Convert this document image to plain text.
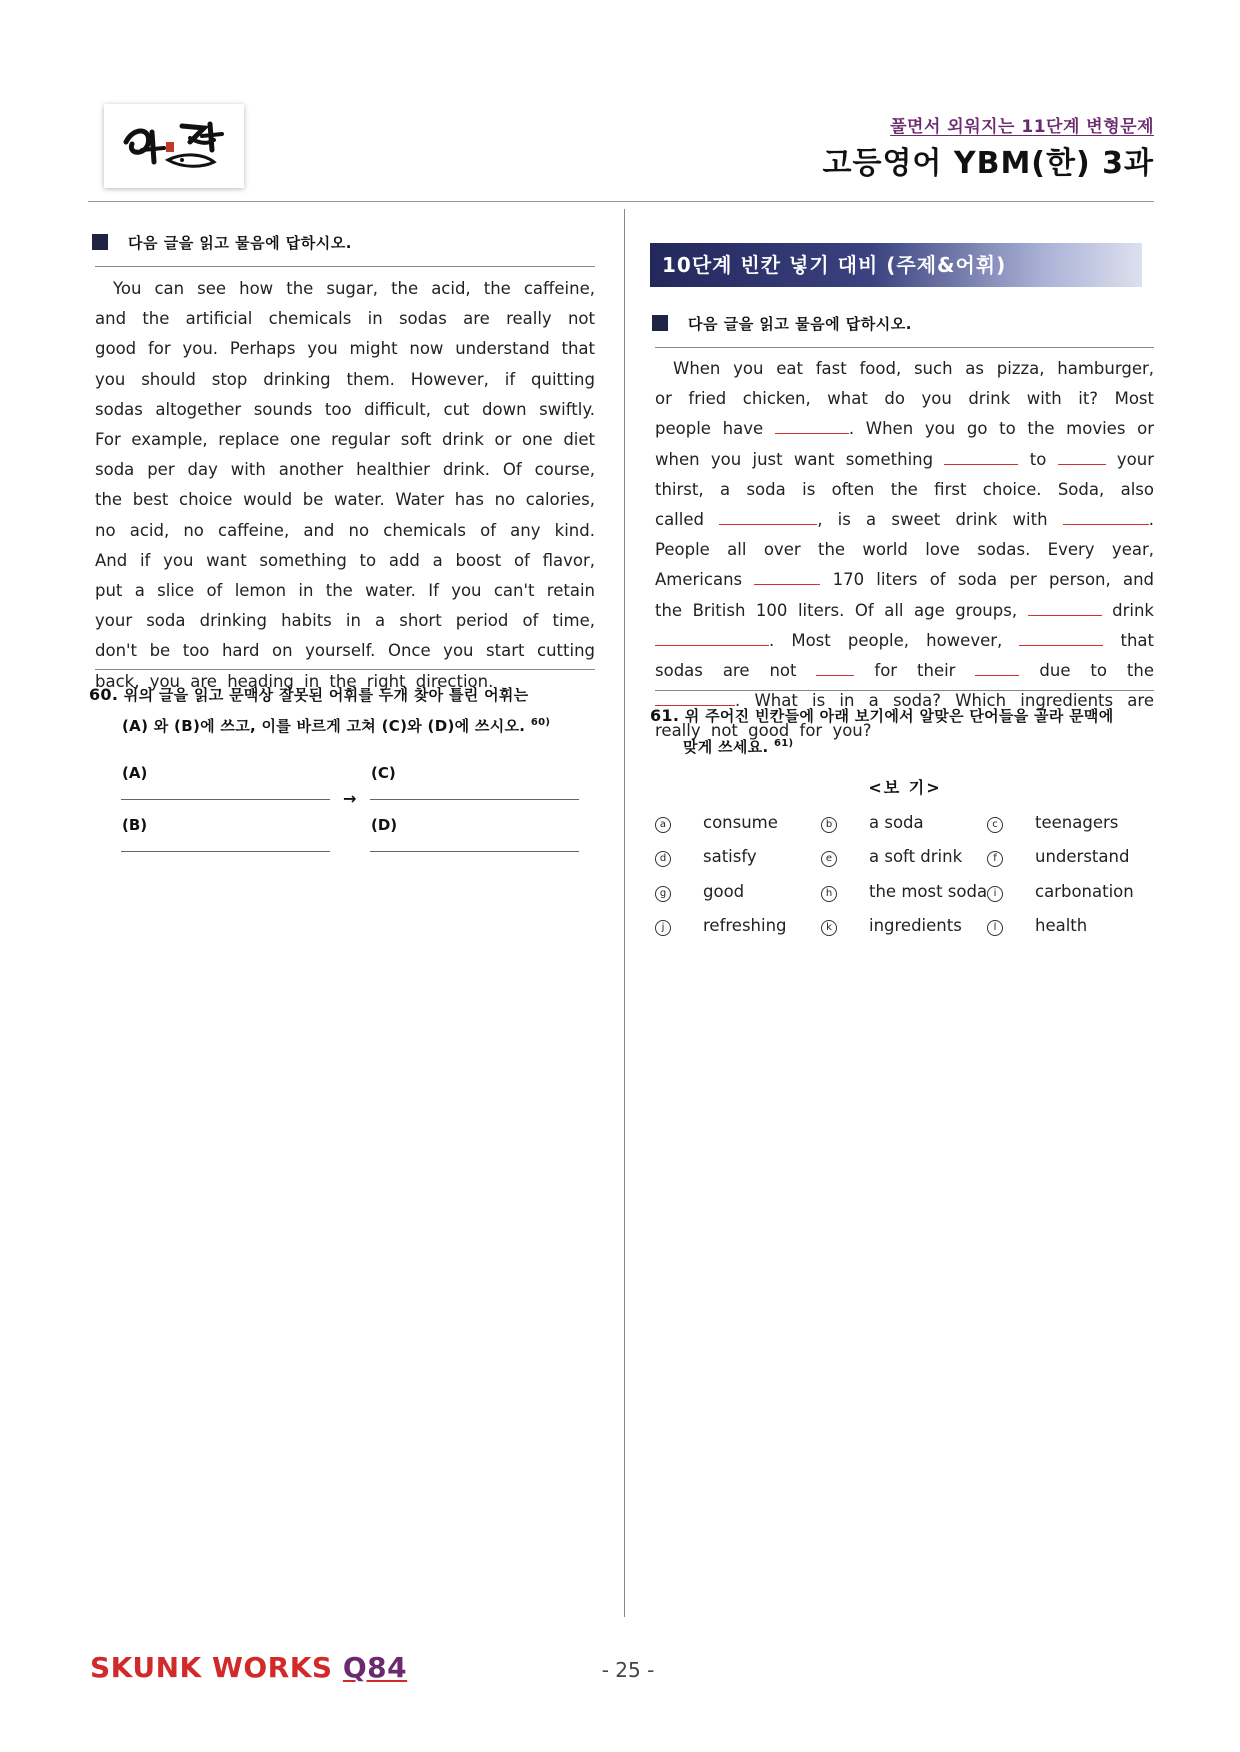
풀면서 외워지는 11단계 변형문제
고등영어 YBM(한) 3과
다음 글을 읽고 물음에 답하시오.

You can see how the sugar, the acid, the caffeine, and the artificial chemicals in sodas are really not good for you. Perhaps you might now understand that you should stop drinking them. However, if quitting sodas altogether sounds too difficult, cut down swiftly. For example, replace one regular soft drink or one diet soda per day with another healthier drink. Of course, the best choice would be water. Water has no calories, no acid, no caffeine, and no chemicals of any kind. And if you want something to add a boost of flavor, put a slice of lemon in the water. If you can't retain your soda drinking habits in a short period of time, don't be too hard on yourself. Once you start cutting back, you are heading in the right direction.

60. 위의 글을 읽고 문맥상 잘못된 어휘를 두개 찾아 틀린 어휘는
(A) 와 (B)에 쓰고, 이를 바르게 고쳐 (C)와 (D)에 쓰시오. $^{60)}$
(A)	(C)
→
(B)	(D)
10단계 빈칸 넣기 대비 (주제&어휘)
다음 글을 읽고 물음에 답하시오.

When you eat fast food, such as pizza, hamburger, or fried chicken, what do you drink with it? Most people have	. When you go to the movies or when you just want something	to	your thirst, a soda is often the first choice. Soda, also called	, is a sweet drink with	. People all over the world love sodas. Every year, Americans	170 liters of soda per person, and the British 100 liters. Of all age groups,	drink . Most people, however,	that sodas are not	for their	due to the . What is in a soda? Which ingredients are really not good for you?

61. 위 주어진 빈칸들에 아래 보기에서 알맞은 단어들을 골라 문맥에
맞게 쓰세요. $^{61)}$
<보 기>
a consume	b a soda	c teenagers
d satisfy	e a soft drink	f understand
g good	h the most soda i carbonation
j refreshing	k ingredients	l health
SKUNK WORKS Q84	- 25 -
